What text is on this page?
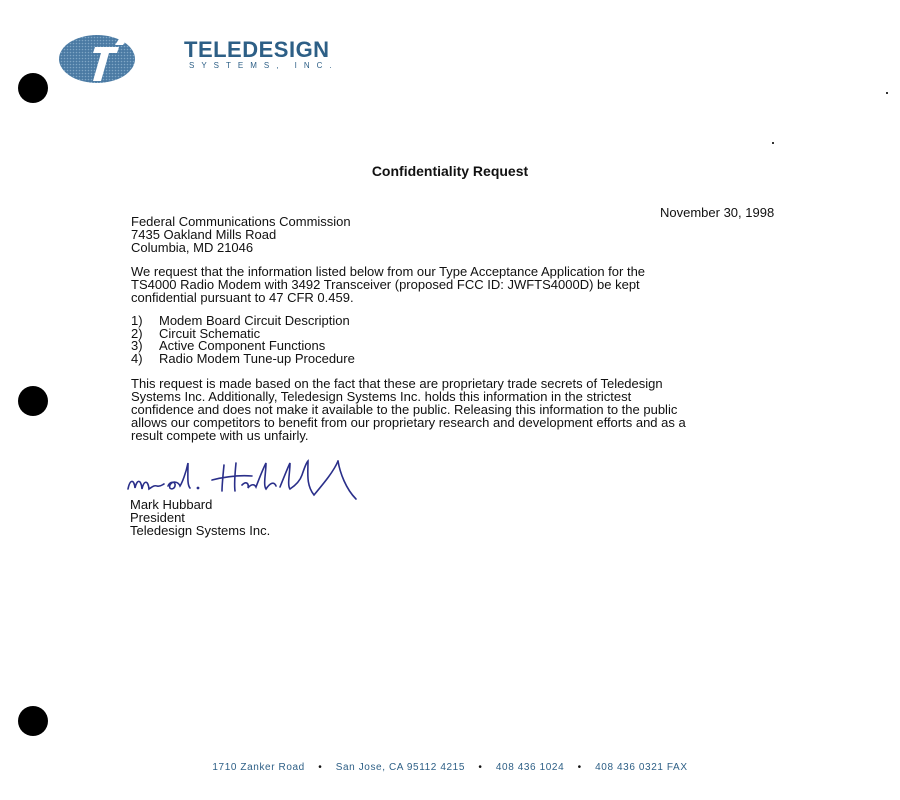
TELEDESIGN
SYSTEMS, INC.
Confidentiality Request
November 30, 1998
Federal Communications Commission
7435 Oakland Mills Road
Columbia, MD 21046
We request that the information listed below from our Type Acceptance Application for the
TS4000 Radio Modem with 3492 Transceiver (proposed FCC ID: JWFTS4000D) be kept
confidential pursuant to 47 CFR 0.459.
1)	Modem Board Circuit Description
2)	Circuit Schematic
3)	Active Component Functions
4)	Radio Modem Tune-up Procedure
This request is made based on the fact that these are proprietary trade secrets of Teledesign
Systems Inc. Additionally, Teledesign Systems Inc. holds this information in the strictest
confidence and does not make it available to the public. Releasing this information to the public
allows our competitors to benefit from our proprietary research and development efforts and as a
result compete with us unfairly.
Mark Hubbard
President
Teledesign Systems Inc.
1710 Zanker Road • San Jose, CA 95112 4215 • 408 436 1024 • 408 436 0321 FAX
